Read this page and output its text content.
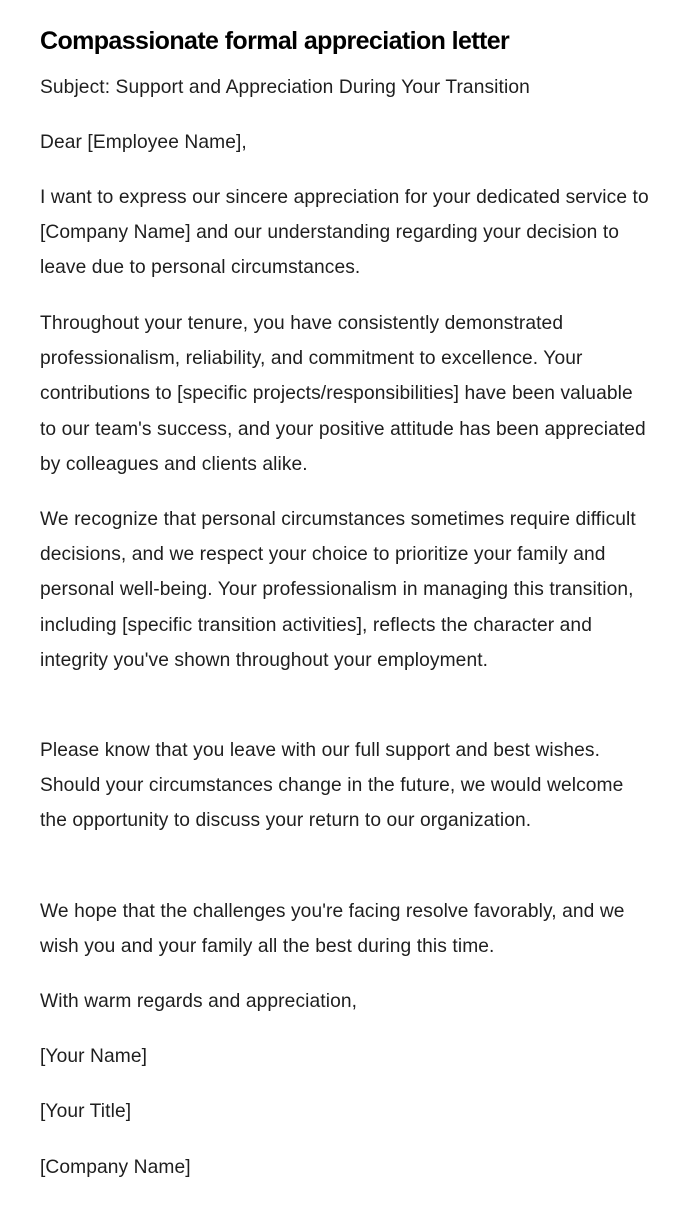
Compassionate formal appreciation letter

Subject: Support and Appreciation During Your Transition

Dear [Employee Name],

I want to express our sincere appreciation for your dedicated service to [Company Name] and our understanding regarding your decision to leave due to personal circumstances.

Throughout your tenure, you have consistently demonstrated professionalism, reliability, and commitment to excellence. Your contributions to [specific projects/responsibilities] have been valuable to our team's success, and your positive attitude has been appreciated by colleagues and clients alike.

We recognize that personal circumstances sometimes require difficult decisions, and we respect your choice to prioritize your family and personal well-being. Your professionalism in managing this transition, including [specific transition activities], reflects the character and integrity you've shown throughout your employment.

Please know that you leave with our full support and best wishes. Should your circumstances change in the future, we would welcome the opportunity to discuss your return to our organization.

We hope that the challenges you're facing resolve favorably, and we wish you and your family all the best during this time.

With warm regards and appreciation,

[Your Name]

[Your Title]

[Company Name]
